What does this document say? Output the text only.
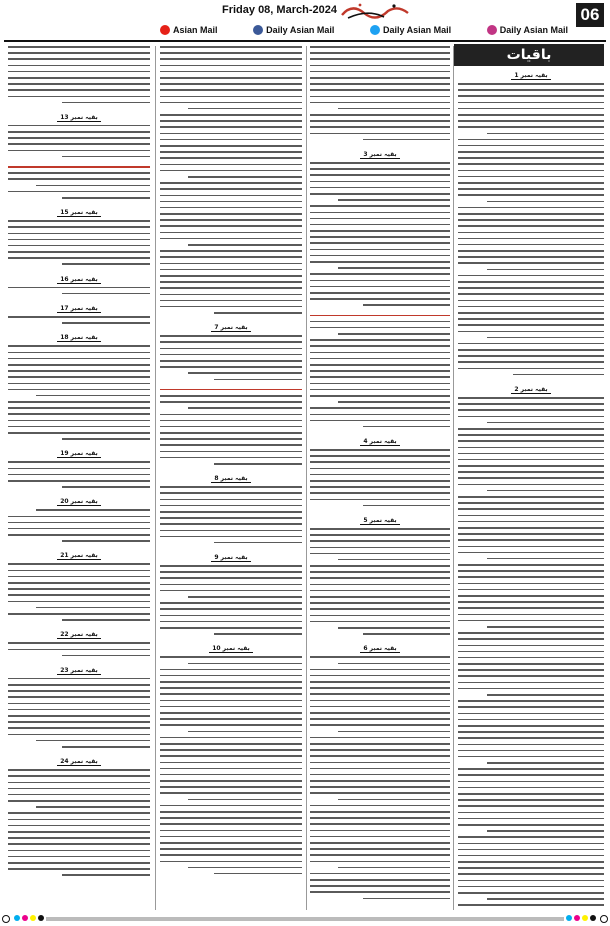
Friday 08, March-2024	06
Asian Mail	Daily Asian Mail	Daily Asian Mail	Daily Asian Mail
باقیات
بقیہ نمبر 13
بقیہ نمبر 15
بقیہ نمبر 16
بقیہ نمبر 17
بقیہ نمبر 18
بقیہ نمبر 19
بقیہ نمبر 20
بقیہ نمبر 21
بقیہ نمبر 22
بقیہ نمبر 23
بقیہ نمبر 24
بقیہ نمبر 7
بقیہ نمبر 8
بقیہ نمبر 9
بقیہ نمبر 10
بقیہ نمبر 3
بقیہ نمبر 4
بقیہ نمبر 5
بقیہ نمبر 6
بقیہ نمبر 1
بقیہ نمبر 2
